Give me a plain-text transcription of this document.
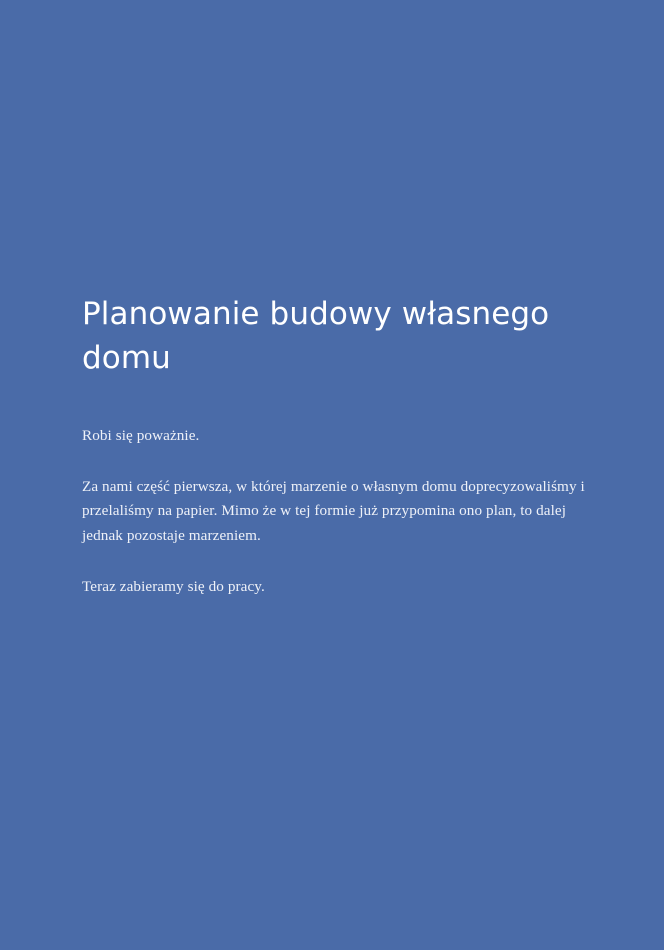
Planowanie budowy własnego domu

Robi się poważnie.

Za nami część pierwsza, w której marzenie o własnym domu doprecyzowaliśmy i przelaliśmy na papier. Mimo że w tej formie już przypomina ono plan, to dalej jednak pozostaje marzeniem.

Teraz zabieramy się do pracy.
